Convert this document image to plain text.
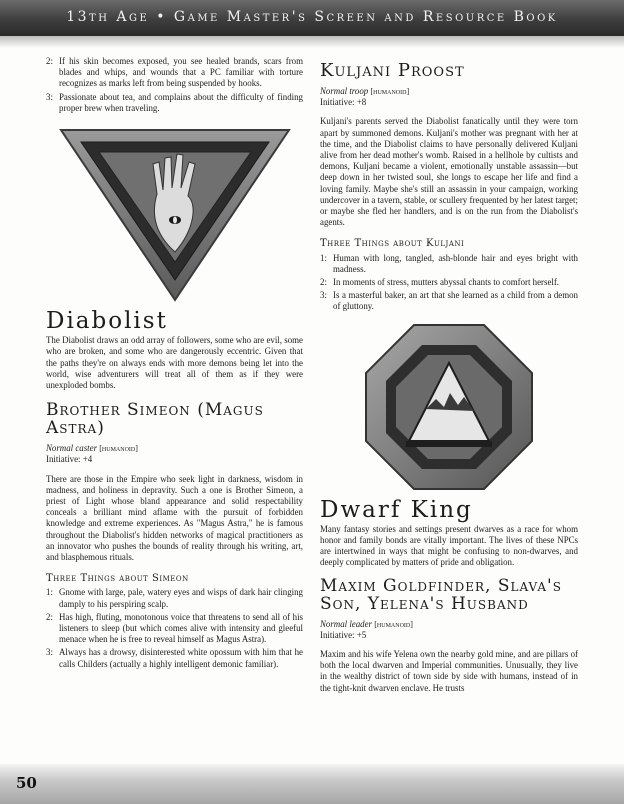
13th Age • Game Master's Screen and Resource Book
2: If his skin becomes exposed, you see healed brands, scars from blades and whips, and wounds that a PC familiar with torture recognizes as marks left from being suspended by hooks.
3: Passionate about tea, and complains about the difficulty of finding proper brew when traveling.
Diabolist

The Diabolist draws an odd array of followers, some who are evil, some who are broken, and some who are dangerously eccentric. Given that the paths they're on always ends with more demons being let into the world, wise adventurers will treat all of them as if they were unexploded bombs.

Brother Simeon (Magus Astra)
Normal caster [humanoid]
Initiative: +4

There are those in the Empire who seek light in darkness, wisdom in madness, and holiness in depravity. Such a one is Brother Simeon, a priest of Light whose bland appearance and solid respectability conceals a brilliant mind aflame with the pursuit of forbidden knowledge and extreme experiences. As "Magus Astra," he is famous throughout the Diabolist's hidden networks of magical practitioners as an innovator who pushes the bounds of reality through his writing, art, and blasphemous rituals.

Three Things about Simeon
1: Gnome with large, pale, watery eyes and wisps of dark hair clinging damply to his perspiring scalp.
2: Has high, fluting, monotonous voice that threatens to send all of his listeners to sleep (but which comes alive with intensity and gleeful menace when he is free to reveal himself as Magus Astra).
3: Always has a drowsy, disinterested white opossum with him that he calls Childers (actually a highly intelligent demonic familiar).
Kuljani Proost
Normal troop [humanoid]
Initiative: +8

Kuljani's parents served the Diabolist fanatically until they were torn apart by summoned demons. Kuljani's mother was pregnant with her at the time, and the Diabolist claims to have personally delivered Kuljani alive from her dead mother's womb. Raised in a hellhole by cultists and demons, Kuljani became a violent, emotionally unstable assassin—but deep down in her twisted soul, she longs to escape her life and find a loving family. Maybe she's still an assassin in your campaign, working undercover in a tavern, stable, or scullery frequented by her latest target; or maybe she fled her handlers, and is on the run from the Diabolist's agents.

Three Things about Kuljani
1: Human with long, tangled, ash-blonde hair and eyes bright with madness.
2: In moments of stress, mutters abyssal chants to comfort herself.
3: Is a masterful baker, an art that she learned as a child from a demon of gluttony.
Dwarf King

Many fantasy stories and settings present dwarves as a race for whom honor and family bonds are vitally important. The lives of these NPCs are intertwined in ways that might be confusing to non-dwarves, and deeply complicated by matters of pride and obligation.

Maxim Goldfinder, Slava's Son, Yelena's Husband
Normal leader [humanoid]
Initiative: +5

Maxim and his wife Yelena own the nearby gold mine, and are pillars of both the local dwarven and Imperial communities. Unusually, they live in the wealthy district of town side by side with humans, instead of in the tight-knit dwarven enclave. He trusts

50
